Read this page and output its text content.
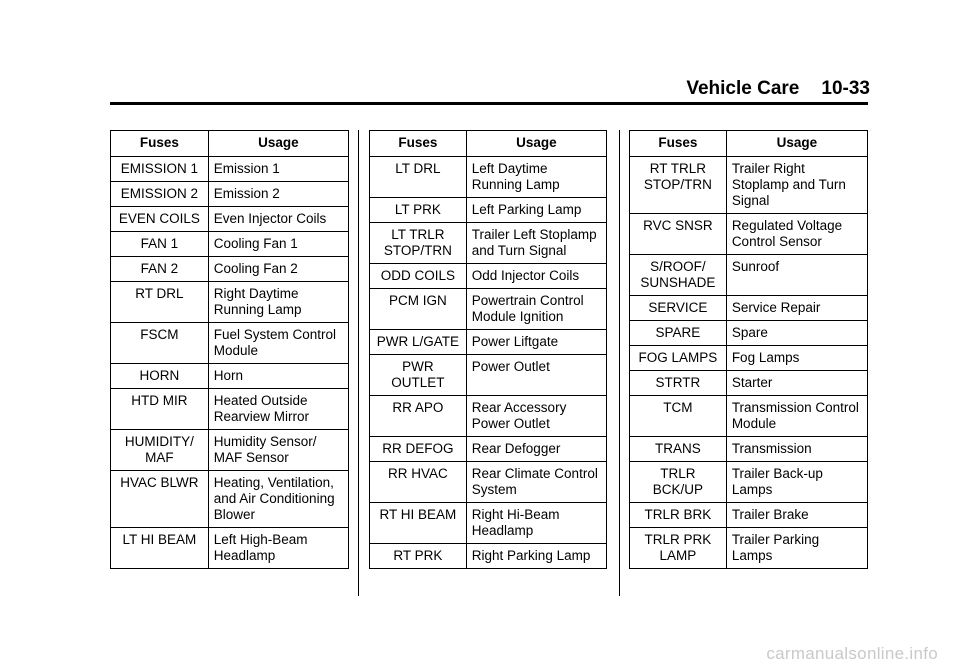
Vehicle Care 10-33
Fuses	Usage
EMISSION 1	Emission 1
EMISSION 2	Emission 2
EVEN COILS	Even Injector Coils
FAN 1	Cooling Fan 1
FAN 2	Cooling Fan 2
RT DRL	Right Daytime Running Lamp
FSCM	Fuel System Control Module
HORN	Horn
HTD MIR	Heated Outside Rearview Mirror
HUMIDITY/ MAF	Humidity Sensor/ MAF Sensor
HVAC BLWR	Heating, Ventilation, and Air Conditioning Blower
LT HI BEAM	Left High-Beam Headlamp
Fuses	Usage
LT DRL	Left Daytime Running Lamp
LT PRK	Left Parking Lamp
LT TRLR STOP/TRN	Trailer Left Stoplamp and Turn Signal
ODD COILS	Odd Injector Coils
PCM IGN	Powertrain Control Module Ignition
PWR L/GATE	Power Liftgate
PWR OUTLET	Power Outlet
RR APO	Rear Accessory Power Outlet
RR DEFOG	Rear Defogger
RR HVAC	Rear Climate Control System
RT HI BEAM	Right Hi-Beam Headlamp
RT PRK	Right Parking Lamp
Fuses	Usage
RT TRLR STOP/TRN	Trailer Right Stoplamp and Turn Signal
RVC SNSR	Regulated Voltage Control Sensor
S/ROOF/ SUNSHADE	Sunroof
SERVICE	Service Repair
SPARE	Spare
FOG LAMPS	Fog Lamps
STRTR	Starter
TCM	Transmission Control Module
TRANS	Transmission
TRLR BCK/UP	Trailer Back-up Lamps
TRLR BRK	Trailer Brake
TRLR PRK LAMP	Trailer Parking Lamps
carmanualsonline.info
